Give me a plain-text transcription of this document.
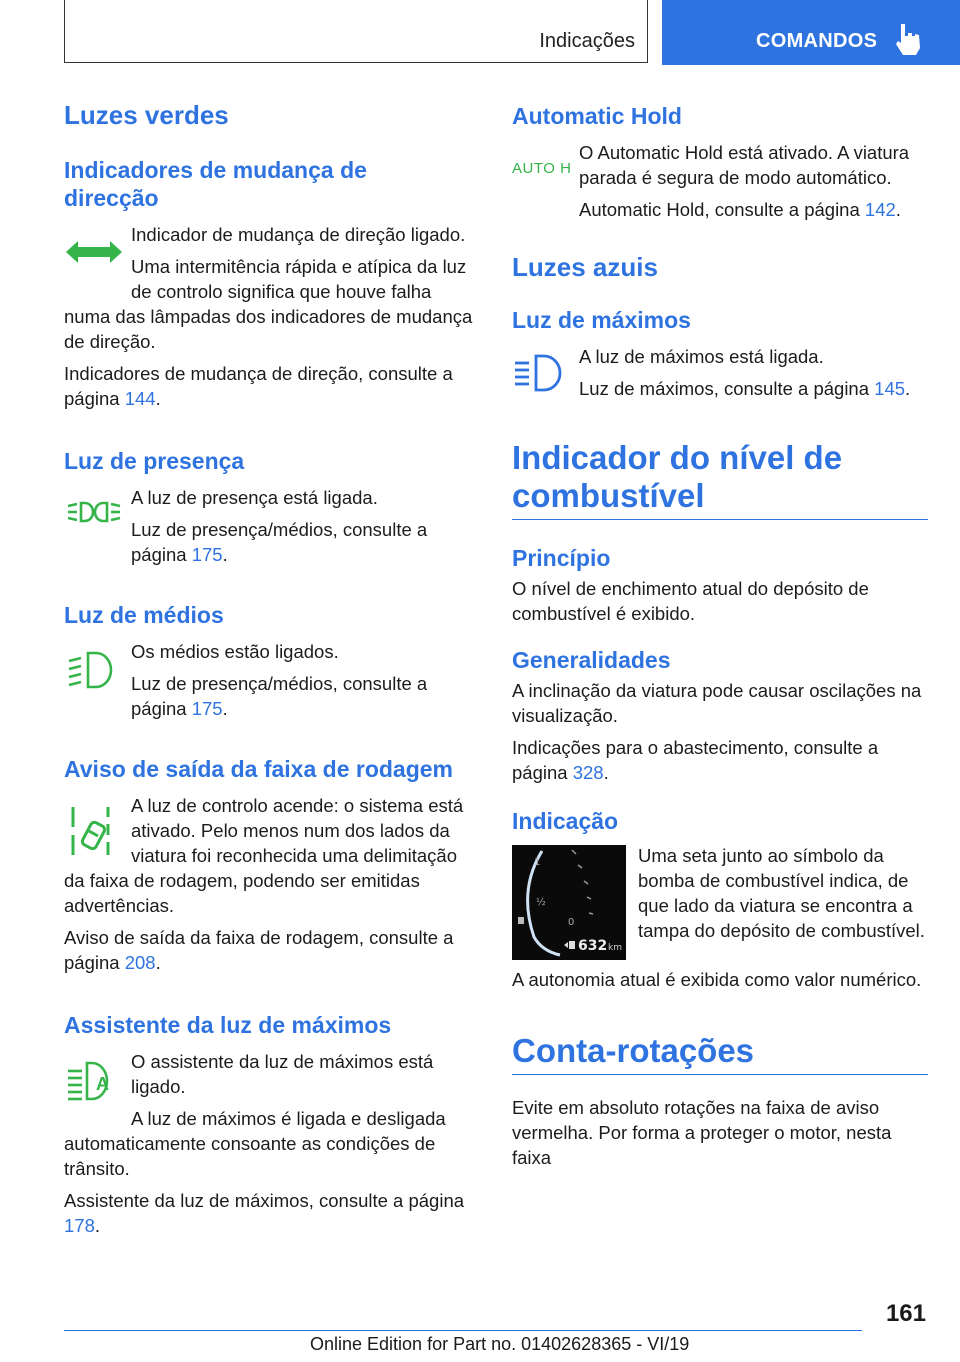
Indicações	COMANDOS
Luzes verdes
Indicadores de mudança de direcção

Indicador de mudança de direção ligado.

Uma intermitência rápida e atípica da luz de controlo significa que houve falha

numa das lâmpadas dos indicadores de mudança de direção.

Indicadores de mudança de direção, consulte a página 144.

Luz de presença

A luz de presença está ligada.

Luz de presença/médios, consulte a página 175.

Luz de médios

Os médios estão ligados.

Luz de presença/médios, consulte a página 175.

Aviso de saída da faixa de rodagem

A luz de controlo acende: o sistema está ativado. Pelo menos num dos lados da viatura foi reconhecida uma delimitação

da faixa de rodagem, podendo ser emitidas advertências.

Aviso de saída da faixa de rodagem, consulte a página 208.

Assistente da luz de máximos
A

O assistente da luz de máximos está ligado.

A luz de máximos é ligada e desligada

automaticamente consoante as condições de trânsito.

Assistente da luz de máximos, consulte a página 178.

Automatic Hold
AUTO H

O Automatic Hold está ativado. A viatura parada é segura de modo automático.

Automatic Hold, consulte a página 142.

Luzes azuis
Luz de máximos

A luz de máximos está ligada.

Luz de máximos, consulte a página 145.

Indicador do nível de combustível
Princípio

O nível de enchimento atual do depósito de combustível é exibido.

Generalidades

A inclinação da viatura pode causar oscilações na visualização.

Indicações para o abastecimento, consulte a página 328.

Indicação
1
½
0
632 km

Uma seta junto ao símbolo da bomba de combustível indica, de que lado da viatura se encontra a tampa do depósito de combustível.

A autonomia atual é exibida como valor numérico.

Conta-rotações

Evite em absoluto rotações na faixa de aviso vermelha. Por forma a proteger o motor, nesta faixa

161
Online Edition for Part no. 01402628365 - VI/19
